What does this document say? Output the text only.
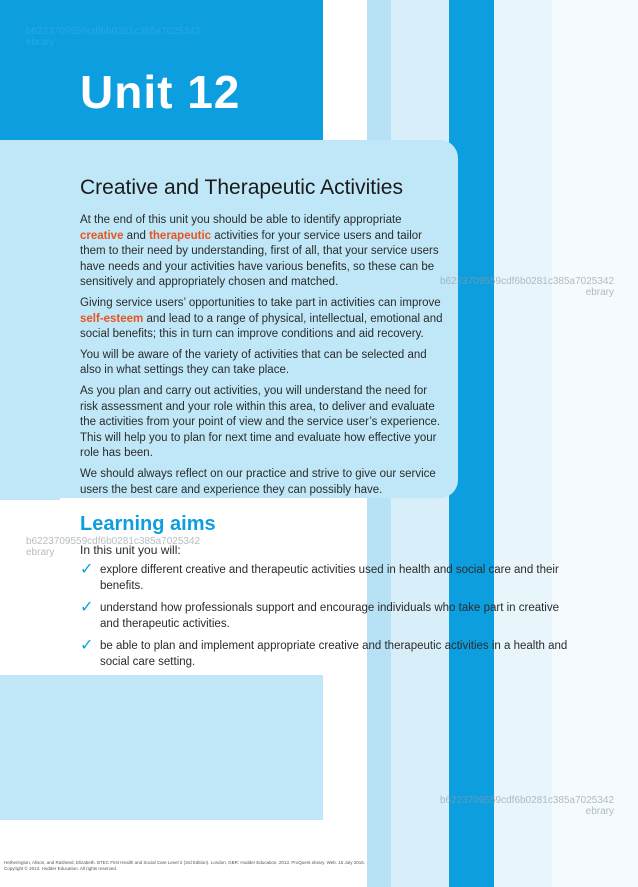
b6223709559cdf6b0281c385a7025342
ebrary
Unit 12
Creative and Therapeutic Activities

At the end of this unit you should be able to identify appropriate
creative and therapeutic activities for your service users and tailor them to their need by understanding, first of all, that your service users have needs and your activities have various benefits, so these can be sensitively and appropriately chosen and matched.

Giving service users’ opportunities to take part in activities can improve self-esteem and lead to a range of physical, intellectual, emotional and social benefits; this in turn can improve conditions and aid recovery.

You will be aware of the variety of activities that can be selected and also in what settings they can take place.

As you plan and carry out activities, you will understand the need for risk assessment and your role within this area, to deliver and evaluate the activities from your point of view and the service user’s experience. This will help you to plan for next time and evaluate how effective your role has been.

We should always reflect on our practice and strive to give our service users the best care and experience they can possibly have.

b6223709559cdf6b0281c385a7025342
ebrary
Learning aims
b6223709559cdf6b0281c385a7025342
ebrary	In this unit you will:
✓ explore different creative and therapeutic activities used in health and social care and their benefits.
✓ understand how professionals support and encourage individuals who take part in creative and therapeutic activities.
✓ be able to plan and implement appropriate creative and therapeutic activities in a health and social care setting.
b6223709559cdf6b0281c385a7025342
ebrary
Hetherington, Alison, and Rasheed, Elizabeth. BTEC First Health and Social Care Level 2 (3rd Edition). London, GBR: Hodder Education, 2013. ProQuest ebrary. Web. 15 July 2015.
Copyright © 2013. Hodder Education. All rights reserved.
